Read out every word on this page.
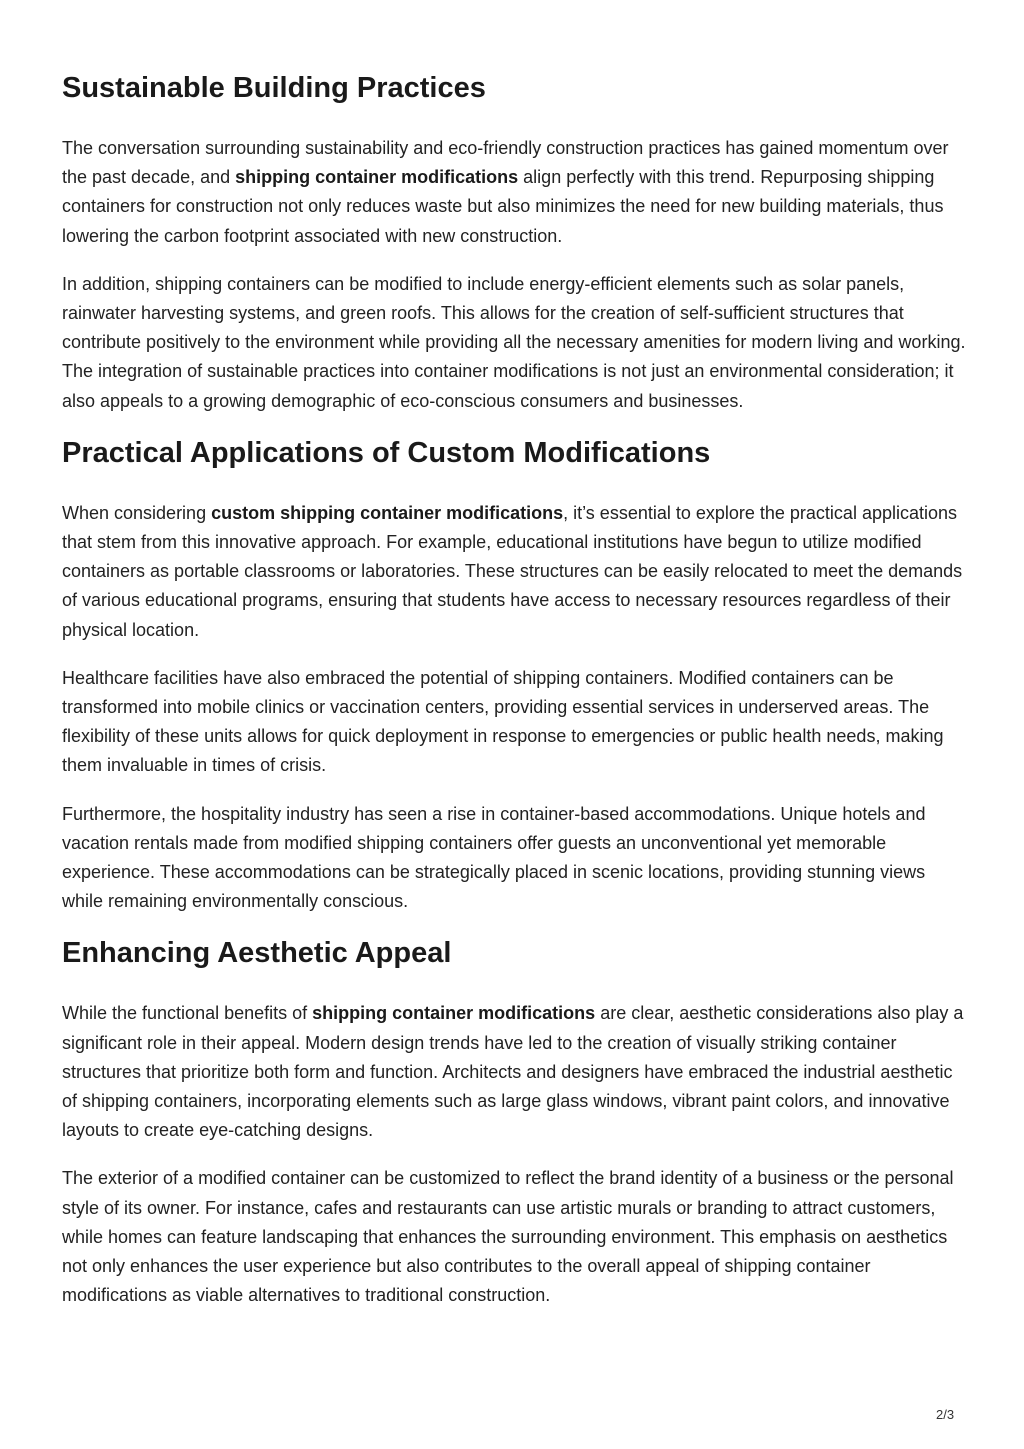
Sustainable Building Practices

The conversation surrounding sustainability and eco-friendly construction practices has gained momentum over the past decade, and shipping container modifications align perfectly with this trend. Repurposing shipping containers for construction not only reduces waste but also minimizes the need for new building materials, thus lowering the carbon footprint associated with new construction.

In addition, shipping containers can be modified to include energy-efficient elements such as solar panels, rainwater harvesting systems, and green roofs. This allows for the creation of self-sufficient structures that contribute positively to the environment while providing all the necessary amenities for modern living and working. The integration of sustainable practices into container modifications is not just an environmental consideration; it also appeals to a growing demographic of eco-conscious consumers and businesses.

Practical Applications of Custom Modifications

When considering custom shipping container modifications, it’s essential to explore the practical applications that stem from this innovative approach. For example, educational institutions have begun to utilize modified containers as portable classrooms or laboratories. These structures can be easily relocated to meet the demands of various educational programs, ensuring that students have access to necessary resources regardless of their physical location.

Healthcare facilities have also embraced the potential of shipping containers. Modified containers can be transformed into mobile clinics or vaccination centers, providing essential services in underserved areas. The flexibility of these units allows for quick deployment in response to emergencies or public health needs, making them invaluable in times of crisis.

Furthermore, the hospitality industry has seen a rise in container-based accommodations. Unique hotels and vacation rentals made from modified shipping containers offer guests an unconventional yet memorable experience. These accommodations can be strategically placed in scenic locations, providing stunning views while remaining environmentally conscious.

Enhancing Aesthetic Appeal

While the functional benefits of shipping container modifications are clear, aesthetic considerations also play a significant role in their appeal. Modern design trends have led to the creation of visually striking container structures that prioritize both form and function. Architects and designers have embraced the industrial aesthetic of shipping containers, incorporating elements such as large glass windows, vibrant paint colors, and innovative layouts to create eye-catching designs.

The exterior of a modified container can be customized to reflect the brand identity of a business or the personal style of its owner. For instance, cafes and restaurants can use artistic murals or branding to attract customers, while homes can feature landscaping that enhances the surrounding environment. This emphasis on aesthetics not only enhances the user experience but also contributes to the overall appeal of shipping container modifications as viable alternatives to traditional construction.

2/3
